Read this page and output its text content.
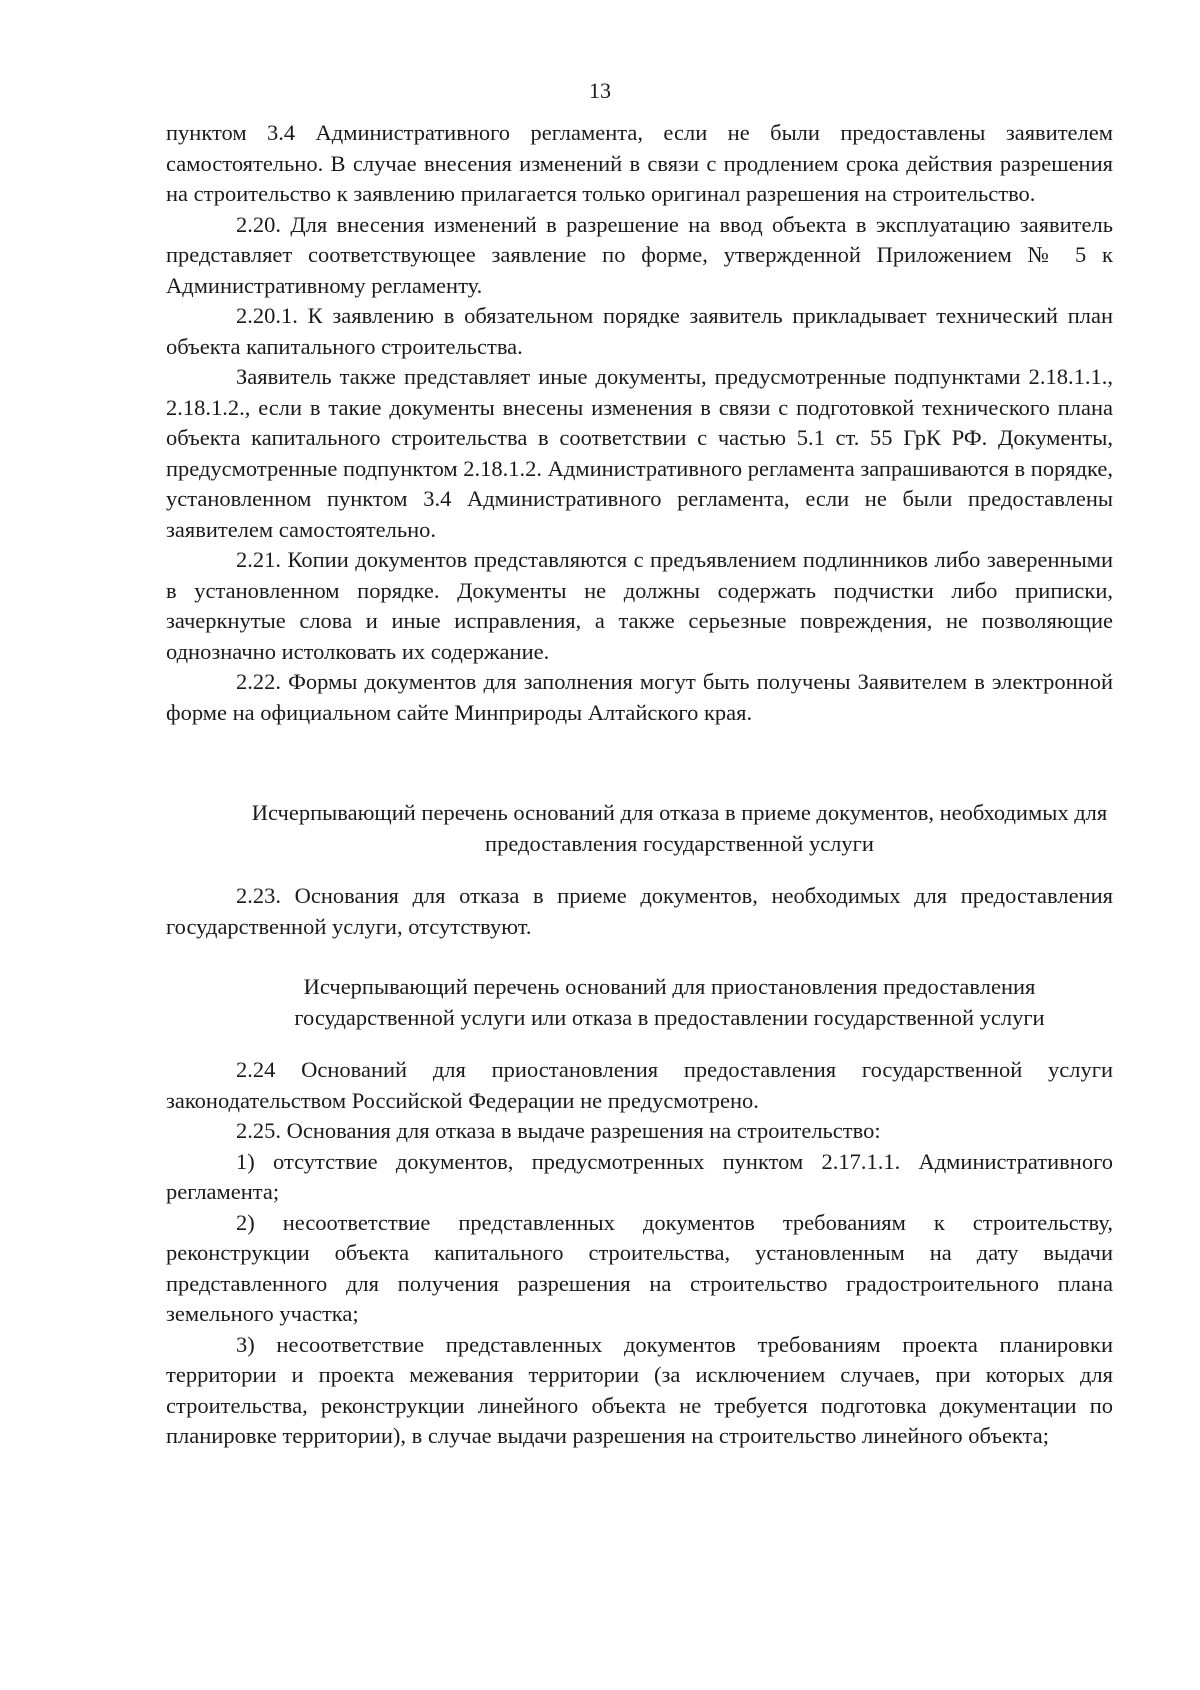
13

пунктом 3.4 Административного регламента, если не были предоставлены заявителем самостоятельно. В случае внесения изменений в связи с продлением срока действия разрешения на строительство к заявлению прилагается только оригинал разрешения на строительство.

2.20. Для внесения изменений в разрешение на ввод объекта в эксплуатацию заявитель представляет соответствующее заявление по форме, утвержденной Приложением № 5 к Административному регламенту.

2.20.1. К заявлению в обязательном порядке заявитель прикладывает технический план объекта капитального строительства.

Заявитель также представляет иные документы, предусмотренные подпунктами 2.18.1.1., 2.18.1.2., если в такие документы внесены изменения в связи с подготовкой технического плана объекта капитального строительства в соответствии с частью 5.1 ст. 55 ГрК РФ. Документы, предусмотренные подпунктом 2.18.1.2. Административного регламента запрашиваются в порядке, установленном пунктом 3.4 Административного регламента, если не были предоставлены заявителем самостоятельно.

2.21. Копии документов представляются с предъявлением подлинников либо заверенными в установленном порядке. Документы не должны содержать подчистки либо приписки, зачеркнутые слова и иные исправления, а также серьезные повреждения, не позволяющие однозначно истолковать их содержание.

2.22. Формы документов для заполнения могут быть получены Заявителем в электронной форме на официальном сайте Минприроды Алтайского края.

Исчерпывающий перечень оснований для отказа в приеме документов, необходимых для предоставления государственной услуги

2.23. Основания для отказа в приеме документов, необходимых для предоставления государственной услуги, отсутствуют.

Исчерпывающий перечень оснований для приостановления предоставления государственной услуги или отказа в предоставлении государственной услуги

2.24 Оснований для приостановления предоставления государственной услуги законодательством Российской Федерации не предусмотрено.

2.25. Основания для отказа в выдаче разрешения на строительство:

1) отсутствие документов, предусмотренных пунктом 2.17.1.1. Административного регламента;

2) несоответствие представленных документов требованиям к строительству, реконструкции объекта капитального строительства, установленным на дату выдачи представленного для получения разрешения на строительство градостроительного плана земельного участка;

3) несоответствие представленных документов требованиям проекта планировки территории и проекта межевания территории (за исключением случаев, при которых для строительства, реконструкции линейного объекта не требуется подготовка документации по планировке территории), в случае выдачи разрешения на строительство линейного объекта;
